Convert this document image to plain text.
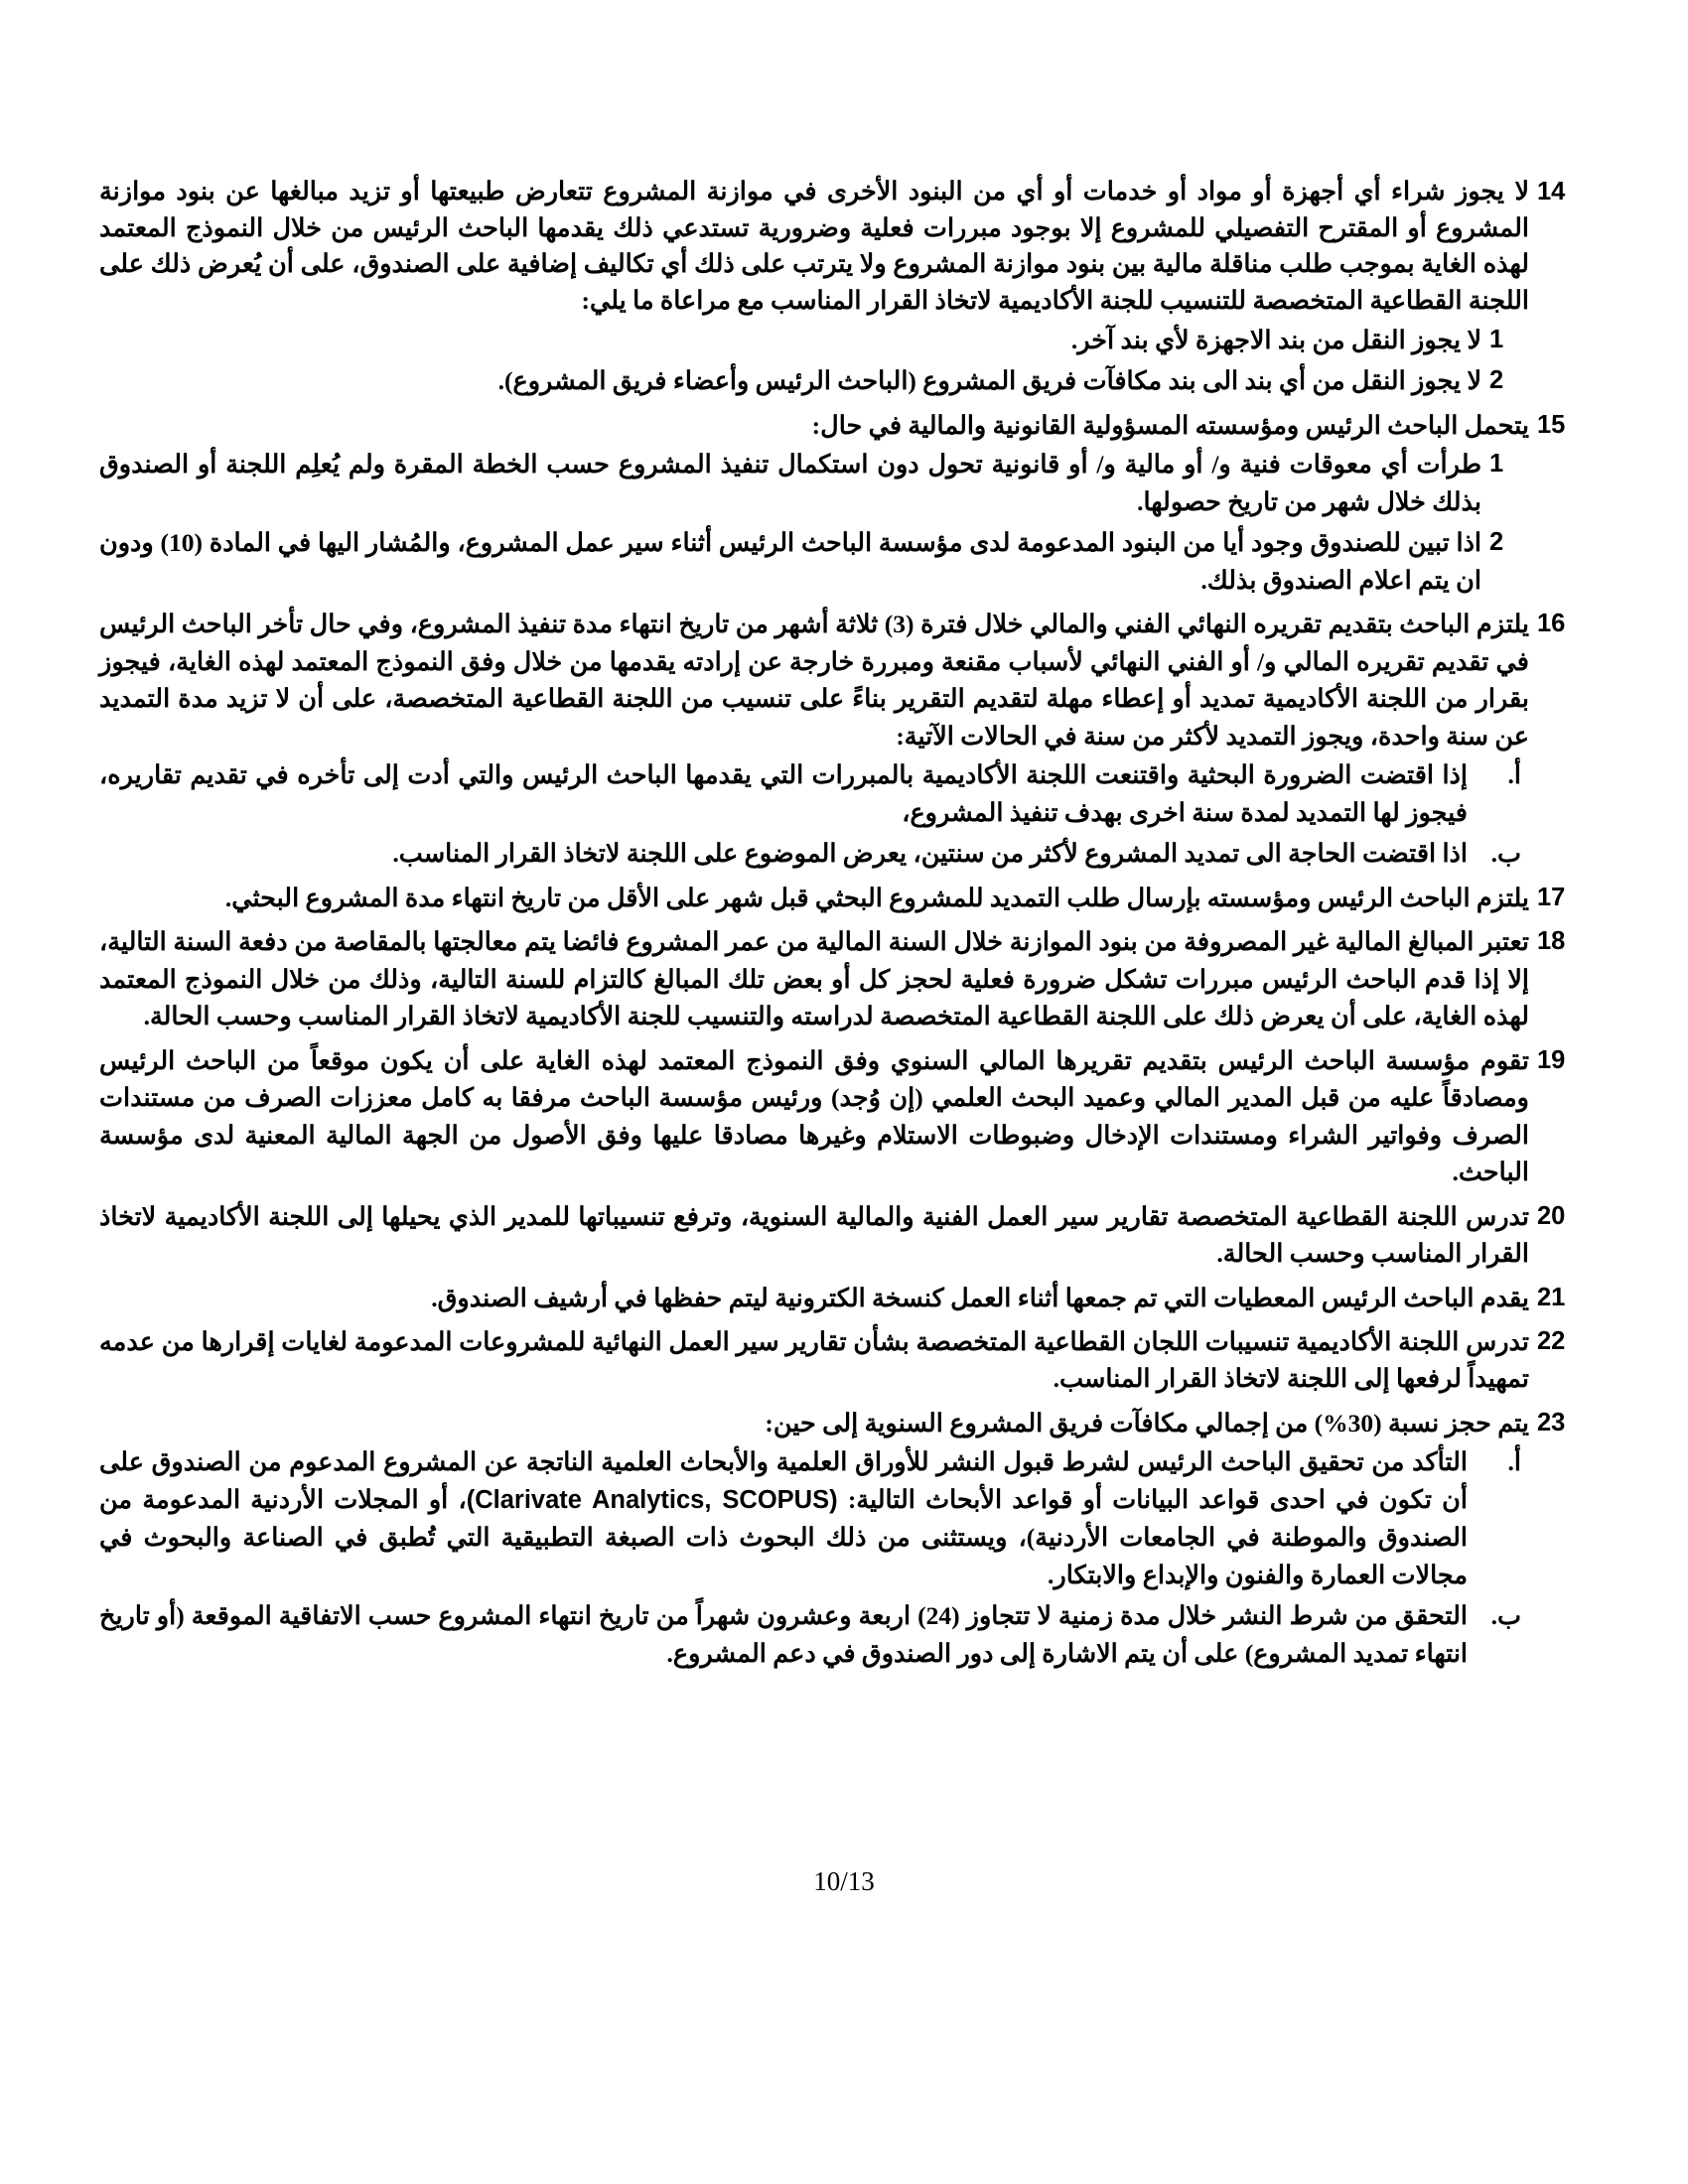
14
لا يجوز شراء أي أجهزة أو مواد أو خدمات أو أي من البنود الأخرى في موازنة المشروع تتعارض طبيعتها أو تزيد مبالغها عن بنود موازنة المشروع أو المقترح التفصيلي للمشروع إلا بوجود مبررات فعلية وضرورية تستدعي ذلك يقدمها الباحث الرئيس من خلال النموذج المعتمد لهذه الغاية بموجب طلب مناقلة مالية بين بنود موازنة المشروع ولا يترتب على ذلك أي تكاليف إضافية على الصندوق، على أن يُعرض ذلك على اللجنة القطاعية المتخصصة للتنسيب للجنة الأكاديمية لاتخاذ القرار المناسب مع مراعاة ما يلي:
1
لا يجوز النقل من بند الاجهزة لأي بند آخر.
2
لا يجوز النقل من أي بند الى بند مكافآت فريق المشروع (الباحث الرئيس وأعضاء فريق المشروع).
15
يتحمل الباحث الرئيس ومؤسسته المسؤولية القانونية والمالية في حال:
1
طرأت أي معوقات فنية و/ أو مالية و/ أو قانونية تحول دون استكمال تنفيذ المشروع حسب الخطة المقرة ولم يُعلِم اللجنة أو الصندوق بذلك خلال شهر من تاريخ حصولها.
2
اذا تبين للصندوق وجود أيا من البنود المدعومة لدى مؤسسة الباحث الرئيس أثناء سير عمل المشروع، والمُشار اليها في المادة (10) ودون ان يتم اعلام الصندوق بذلك.
16
يلتزم الباحث بتقديم تقريره النهائي الفني والمالي خلال فترة (3) ثلاثة أشهر من تاريخ انتهاء مدة تنفيذ المشروع، وفي حال تأخر الباحث الرئيس في تقديم تقريره المالي و/ أو الفني النهائي لأسباب مقنعة ومبررة خارجة عن إرادته يقدمها من خلال وفق النموذج المعتمد لهذه الغاية، فيجوز بقرار من اللجنة الأكاديمية تمديد أو إعطاء مهلة لتقديم التقرير بناءً على تنسيب من اللجنة القطاعية المتخصصة، على أن لا تزيد مدة التمديد عن سنة واحدة، ويجوز التمديد لأكثر من سنة في الحالات الآتية:
أ.
إذا اقتضت الضرورة البحثية واقتنعت اللجنة الأكاديمية بالمبررات التي يقدمها الباحث الرئيس والتي أدت إلى تأخره في تقديم تقاريره، فيجوز لها التمديد لمدة سنة اخرى بهدف تنفيذ المشروع،
ب.
اذا اقتضت الحاجة الى تمديد المشروع لأكثر من سنتين، يعرض الموضوع على اللجنة لاتخاذ القرار المناسب.
17
يلتزم الباحث الرئيس ومؤسسته بإرسال طلب التمديد للمشروع البحثي قبل شهر على الأقل من تاريخ انتهاء مدة المشروع البحثي.
18
تعتبر المبالغ المالية غير المصروفة من بنود الموازنة خلال السنة المالية من عمر المشروع فائضا يتم معالجتها بالمقاصة من دفعة السنة التالية، إلا إذا قدم الباحث الرئيس مبررات تشكل ضرورة فعلية لحجز كل أو بعض تلك المبالغ كالتزام للسنة التالية، وذلك من خلال النموذج المعتمد لهذه الغاية، على أن يعرض ذلك على اللجنة القطاعية المتخصصة لدراسته والتنسيب للجنة الأكاديمية لاتخاذ القرار المناسب وحسب الحالة.
19
تقوم مؤسسة الباحث الرئيس بتقديم تقريرها المالي السنوي وفق النموذج المعتمد لهذه الغاية على أن يكون موقعاً من الباحث الرئيس ومصادقاً عليه من قبل المدير المالي وعميد البحث العلمي (إن وُجد) ورئيس مؤسسة الباحث مرفقا به كامل معززات الصرف من مستندات الصرف وفواتير الشراء ومستندات الإدخال وضبوطات الاستلام وغيرها مصادقا عليها وفق الأصول من الجهة المالية المعنية لدى مؤسسة الباحث.
20
تدرس اللجنة القطاعية المتخصصة تقارير سير العمل الفنية والمالية السنوية، وترفع تنسيباتها للمدير الذي يحيلها إلى اللجنة الأكاديمية لاتخاذ القرار المناسب وحسب الحالة.
21
يقدم الباحث الرئيس المعطيات التي تم جمعها أثناء العمل كنسخة الكترونية ليتم حفظها في أرشيف الصندوق.
22
تدرس اللجنة الأكاديمية تنسيبات اللجان القطاعية المتخصصة بشأن تقارير سير العمل النهائية للمشروعات المدعومة لغايات إقرارها من عدمه تمهيداً لرفعها إلى اللجنة لاتخاذ القرار المناسب.
23
يتم حجز نسبة (30%) من إجمالي مكافآت فريق المشروع السنوية إلى حين:
أ.
التأكد من تحقيق الباحث الرئيس لشرط قبول النشر للأوراق العلمية والأبحاث العلمية الناتجة عن المشروع المدعوم من الصندوق على أن تكون في احدى قواعد البيانات أو قواعد الأبحاث التالية: (Clarivate Analytics, SCOPUS)، أو المجلات الأردنية المدعومة من الصندوق والموطنة في الجامعات الأردنية)، ويستثنى من ذلك البحوث ذات الصبغة التطبيقية التي تُطبق في الصناعة والبحوث في مجالات العمارة والفنون والإبداع والابتكار.
ب.
التحقق من شرط النشر خلال مدة زمنية لا تتجاوز (24) اربعة وعشرون شهراً من تاريخ انتهاء المشروع حسب الاتفاقية الموقعة (أو تاريخ انتهاء تمديد المشروع) على أن يتم الاشارة إلى دور الصندوق في دعم المشروع.
10/13
